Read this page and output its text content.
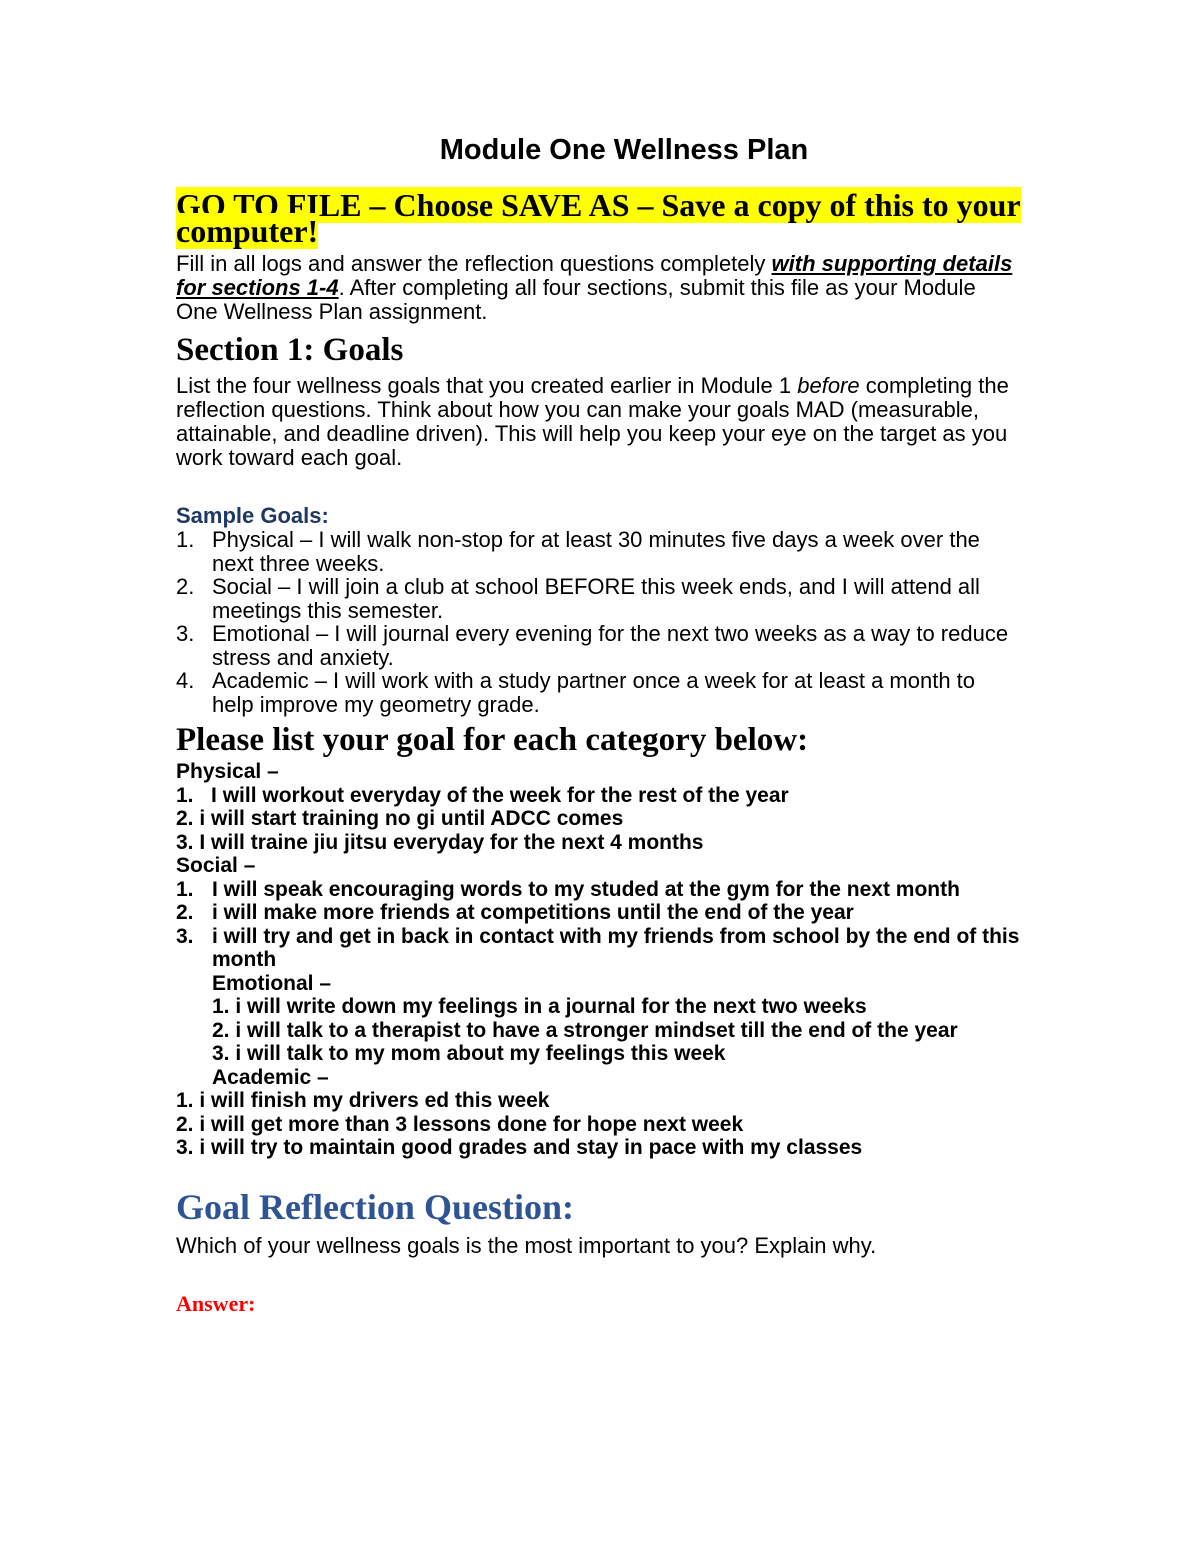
Module One Wellness Plan
GO TO FILE – Choose SAVE AS – Save a copy of this to your computer!
Fill in all logs and answer the reflection questions completely with supporting details for sections 1-4. After completing all four sections, submit this file as your Module One Wellness Plan assignment.
Section 1: Goals
List the four wellness goals that you created earlier in Module 1 before completing the reflection questions. Think about how you can make your goals MAD (measurable, attainable, and deadline driven). This will help you keep your eye on the target as you work toward each goal.
Sample Goals:
1. Physical – I will walk non-stop for at least 30 minutes five days a week over the next three weeks.
2. Social – I will join a club at school BEFORE this week ends, and I will attend all meetings this semester.
3. Emotional – I will journal every evening for the next two weeks as a way to reduce stress and anxiety.
4. Academic – I will work with a study partner once a week for at least a month to help improve my geometry grade.
Please list your goal for each category below:
Physical –
1.   I will workout everyday of the week for the rest of the year
2. i will start training no gi until ADCC comes
3. I will traine jiu jitsu everyday for the next 4 months
Social –
1. I will speak encouraging words to my studed at the gym for the next month
2. i will make more friends at competitions until the end of the year
3. i will try and get in back in contact with my friends from school by the end of this month
Emotional –
1. i will write down my feelings in a journal for the next two weeks
2. i will talk to a therapist to have a stronger mindset till the end of the year
3. i will talk to my mom about my feelings this week
Academic –
1. i will finish my drivers ed this week
2. i will get more than 3 lessons done for hope next week
3. i will try to maintain good grades and stay in pace with my classes
Goal Reflection Question:
Which of your wellness goals is the most important to you? Explain why.
Answer:
